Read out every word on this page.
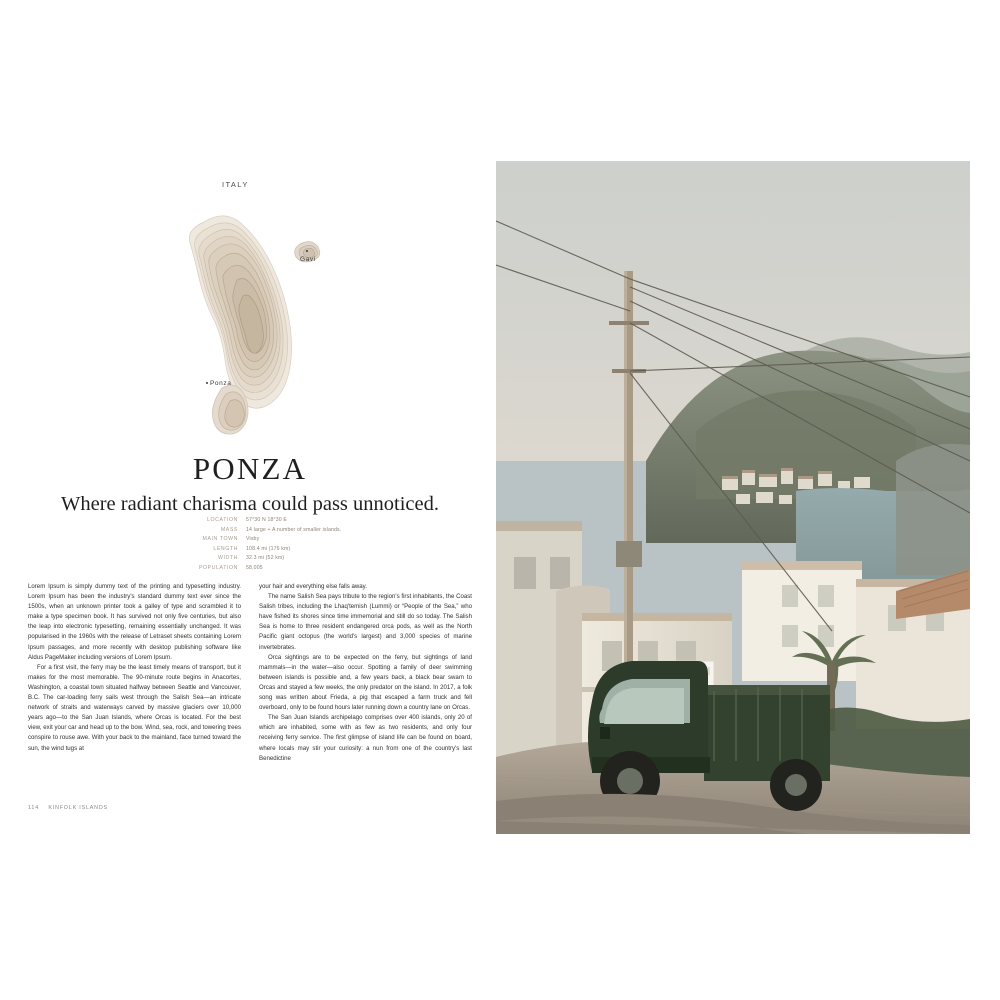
ITALY
Gavi
Ponza
PONZA
Where radiant charisma could pass unnoticed.
LOCATION	57°30 N 18°30 E
MASS	14 large + A number of smaller islands.
MAIN TOWN	Visby
LENGTH	108.4 mi (176 km)
WIDTH	32.3 mi (52 km)
POPULATION	58,005

Lorem Ipsum is simply dummy text of the printing and typesetting industry. Lorem Ipsum has been the industry's standard dummy text ever since the 1500s, when an unknown printer took a galley of type and scrambled it to make a type specimen book. It has survived not only five centuries, but also the leap into electronic typesetting, remaining essentially unchanged. It was popularised in the 1960s with the release of Letraset sheets containing Lorem Ipsum passages, and more recently with desktop publishing software like Aldus PageMaker including versions of Lorem Ipsum.

For a first visit, the ferry may be the least timely means of transport, but it makes for the most memorable. The 90-minute route begins in Anacortes, Washington, a coastal town situated halfway between Seattle and Vancouver, B.C. The car-loading ferry sails west through the Salish Sea—an intricate network of straits and waterways carved by massive glaciers over 10,000 years ago—to the San Juan Islands, where Orcas is located. For the best view, exit your car and head up to the bow. Wind, sea, rock, and towering trees conspire to rouse awe. With your back to the mainland, face turned toward the sun, the wind tugs at

your hair and everything else falls away.

The name Salish Sea pays tribute to the region's first inhabitants, the Coast Salish tribes, including the Lhaq'temish (Lummi) or “People of the Sea,” who have fished its shores since time immemorial and still do so today. The Salish Sea is home to three resident endangered orca pods, as well as the North Pacific giant octopus (the world's largest) and 3,000 species of marine invertebrates.

Orca sightings are to be expected on the ferry, but sightings of land mammals—in the water—also occur. Spotting a family of deer swimming between islands is possible and, a few years back, a black bear swam to Orcas and stayed a few weeks, the only predator on the island. In 2017, a folk song was written about Frieda, a pig that escaped a farm truck and fell overboard, only to be found hours later running down a country lane on Orcas.

The San Juan Islands archipelago comprises over 400 islands, only 20 of which are inhabited, some with as few as two residents, and only four receiving ferry service. The first glimpse of island life can be found on board, where locals may stir your curiosity: a nun from one of the country's last Benedictine

114 KINFOLK ISLANDS
